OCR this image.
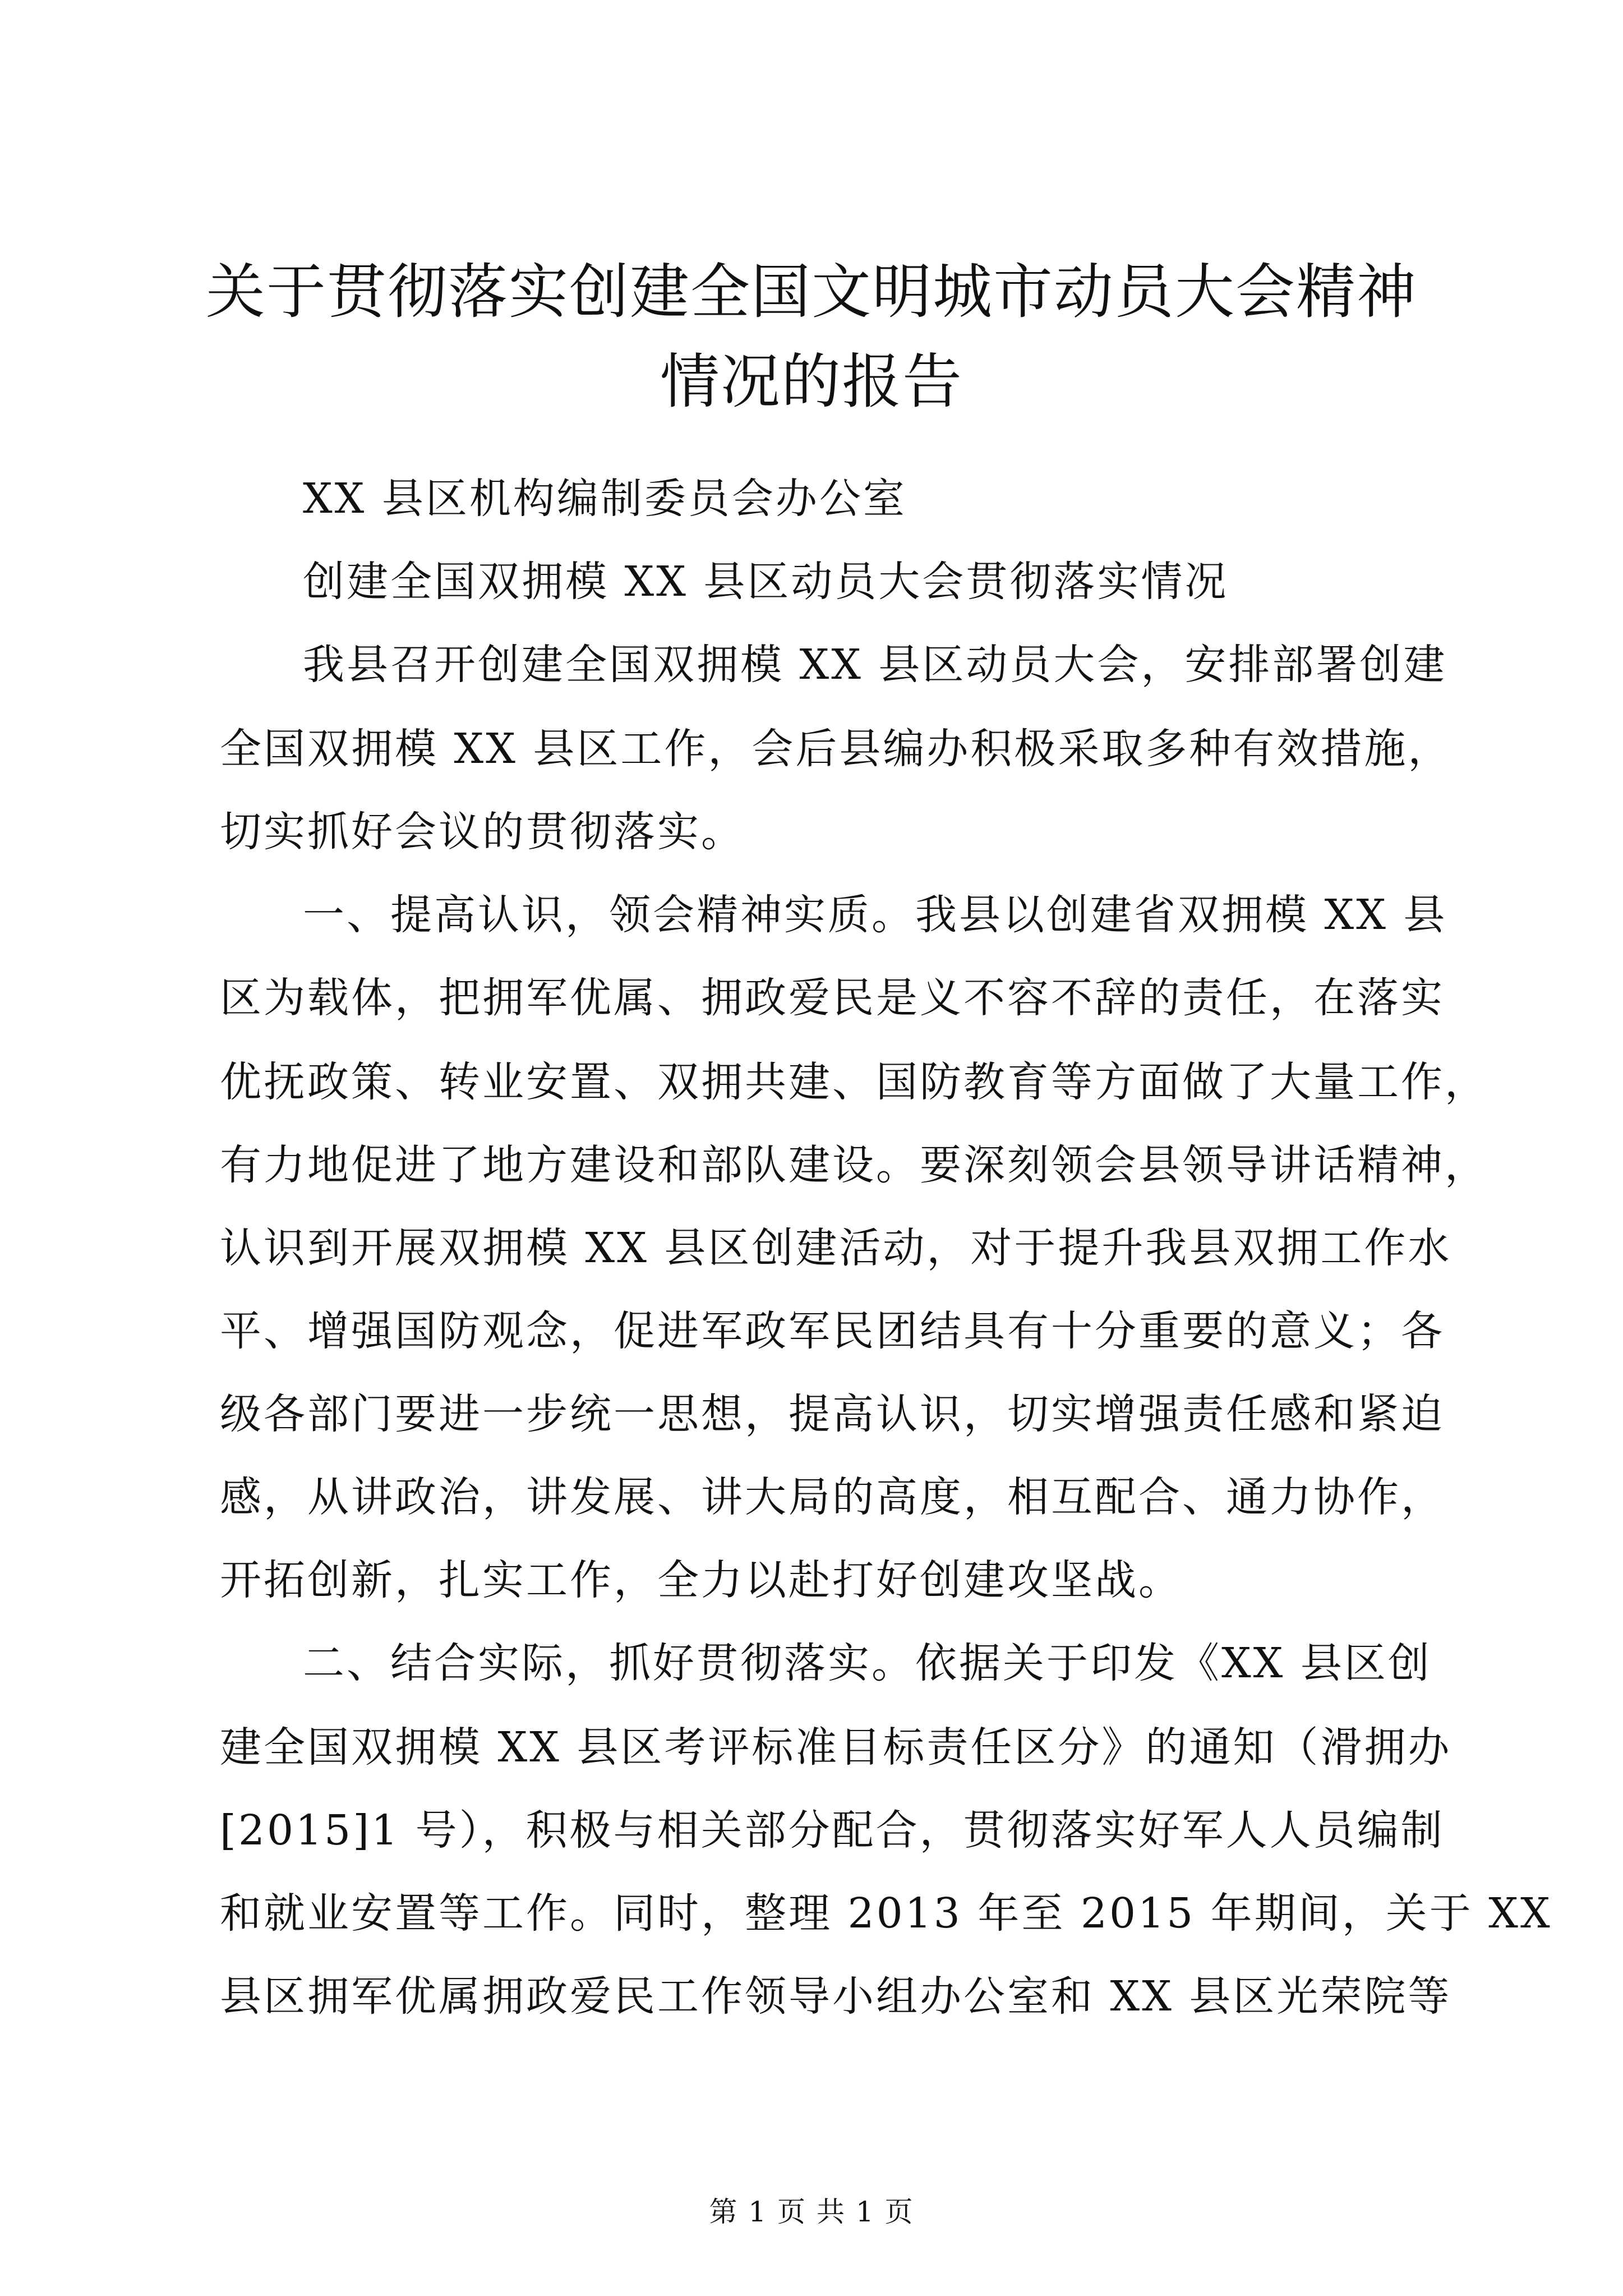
关于贯彻落实创建全国文明城市动员大会精神
情况的报告
XX 县区机构编制委员会办公室
创建全国双拥模 XX 县区动员大会贯彻落实情况
我县召开创建全国双拥模 XX 县区动员大会，安排部署创建
全国双拥模 XX 县区工作，会后县编办积极采取多种有效措施，
切实抓好会议的贯彻落实。
一、提高认识，领会精神实质。我县以创建省双拥模 XX 县
区为载体，把拥军优属、拥政爱民是义不容不辞的责任，在落实
优抚政策、转业安置、双拥共建、国防教育等方面做了大量工作，
有力地促进了地方建设和部队建设。要深刻领会县领导讲话精神，
认识到开展双拥模 XX 县区创建活动，对于提升我县双拥工作水
平、增强国防观念，促进军政军民团结具有十分重要的意义；各
级各部门要进一步统一思想，提高认识，切实增强责任感和紧迫
感，从讲政治，讲发展、讲大局的高度，相互配合、通力协作，
开拓创新，扎实工作，全力以赴打好创建攻坚战。
二、结合实际，抓好贯彻落实。依据关于印发《XX 县区创
建全国双拥模 XX 县区考评标准目标责任区分》的通知（滑拥办
[2015]1 号），积极与相关部分配合，贯彻落实好军人人员编制
和就业安置等工作。同时，整理 2013 年至 2015 年期间，关于 XX
县区拥军优属拥政爱民工作领导小组办公室和 XX 县区光荣院等
第 1 页 共 1 页
